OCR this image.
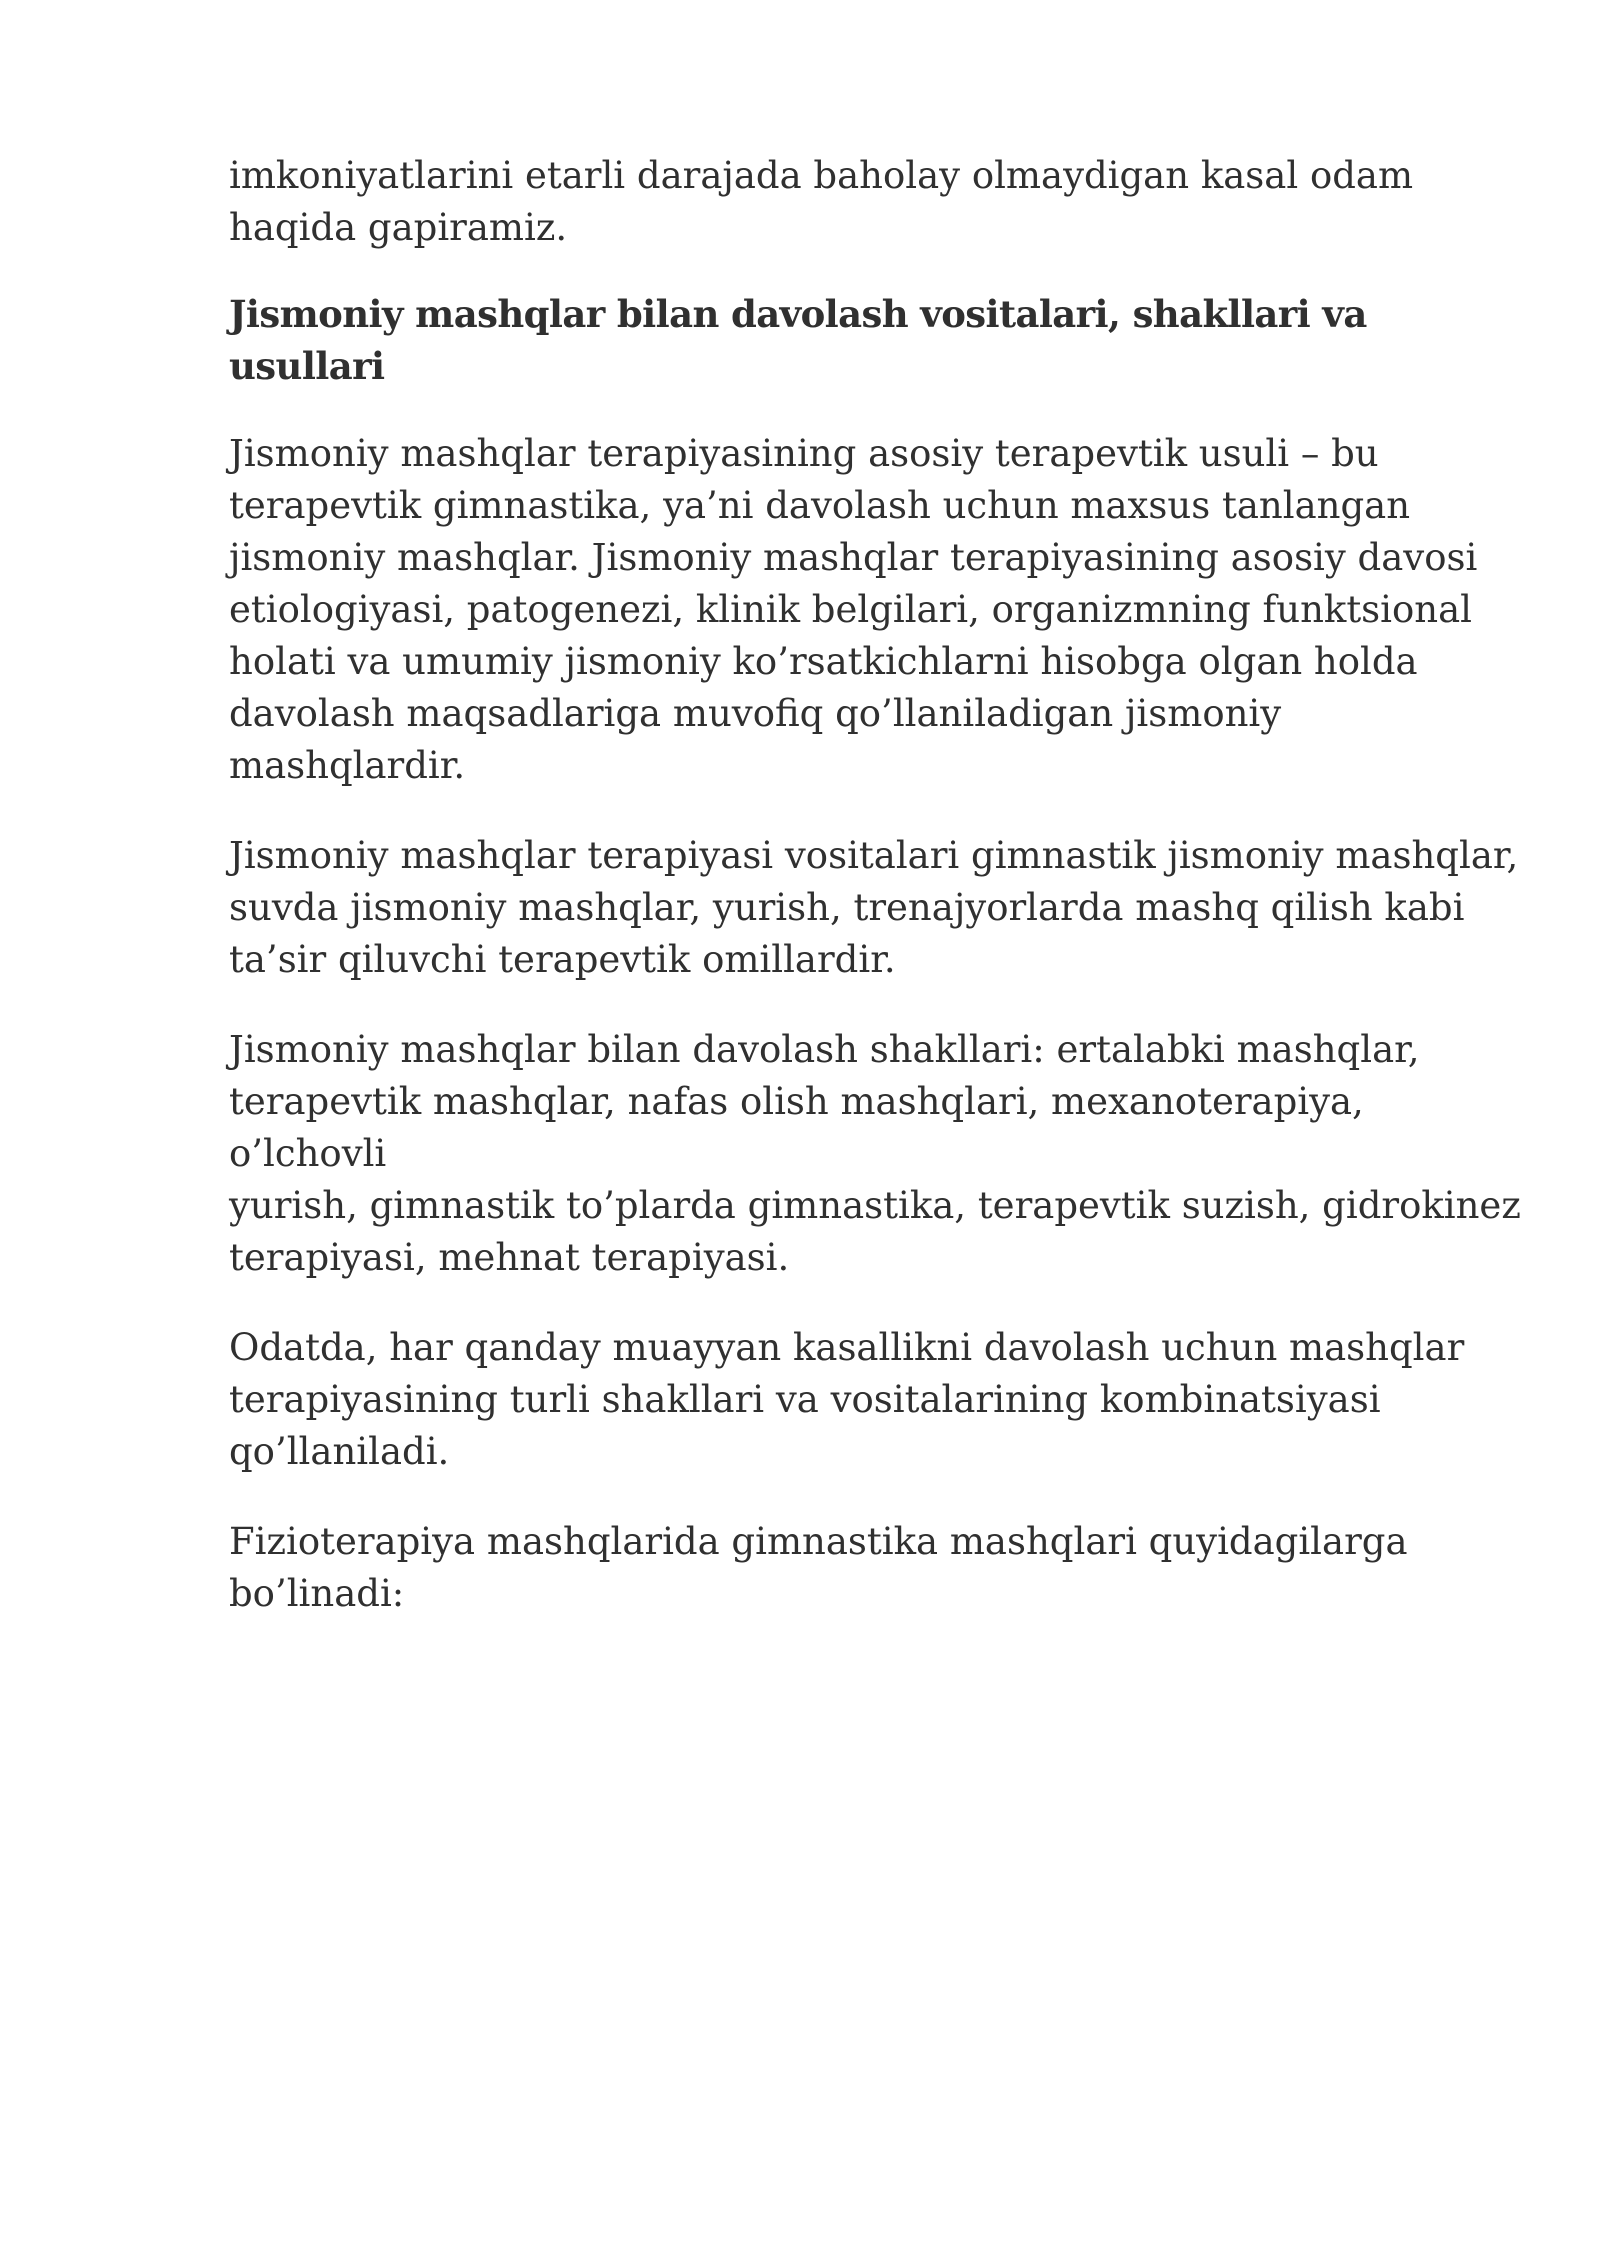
imkoniyatlarini etarli darajada baholay olmaydigan kasal odam
haqida gapiramiz.

Jismoniy mashqlar bilan davolash vositalari, shakllari va usullari

Jismoniy mashqlar terapiyasining asosiy terapevtik usuli – bu
terapevtik gimnastika, ya’ni davolash uchun maxsus tanlangan
jismoniy mashqlar. Jismoniy mashqlar terapiyasining asosiy davosi
etiologiyasi, patogenezi, klinik belgilari, organizmning funktsional
holati va umumiy jismoniy ko’rsatkichlarni hisobga olgan holda
davolash maqsadlariga muvofiq qo’llaniladigan jismoniy
mashqlardir.

Jismoniy mashqlar terapiyasi vositalari gimnastik jismoniy mashqlar,
suvda jismoniy mashqlar, yurish, trenajyorlarda mashq qilish kabi
ta’sir qiluvchi terapevtik omillardir.

Jismoniy mashqlar bilan davolash shakllari: ertalabki mashqlar,
terapevtik mashqlar, nafas olish mashqlari, mexanoterapiya, o’lchovli
yurish, gimnastik to’plarda gimnastika, terapevtik suzish, gidrokinez
terapiyasi, mehnat terapiyasi.

Odatda, har qanday muayyan kasallikni davolash uchun mashqlar
terapiyasining turli shakllari va vositalarining kombinatsiyasi
qo’llaniladi.

Fizioterapiya mashqlarida gimnastika mashqlari quyidagilarga
bo’linadi:
